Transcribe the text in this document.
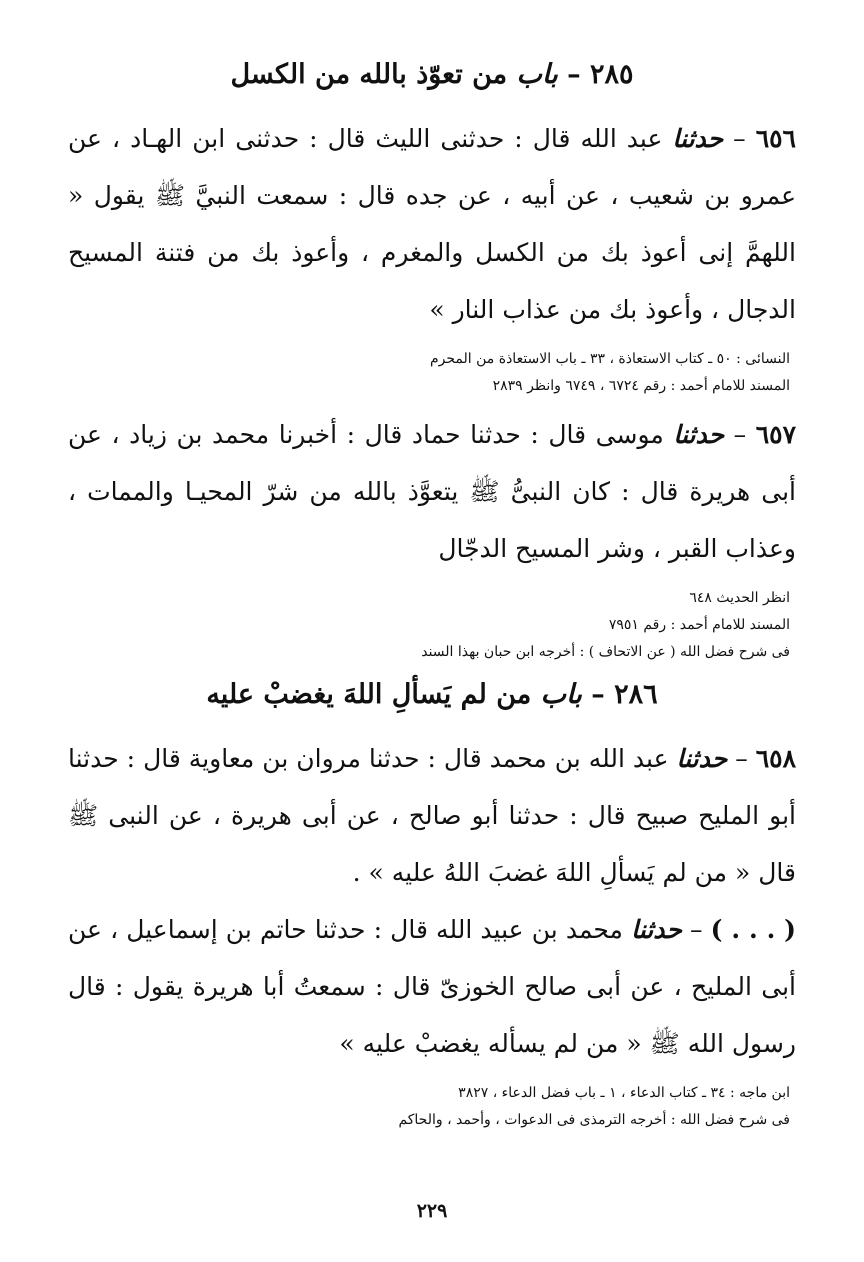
٢٨٥ – باب من تعوّذ بالله من الكسل

٦٥٦ – حدثنا عبد الله قال : حدثنى الليث قال : حدثنى ابن الهـاد ، عن عمرو بن شعيب ، عن أبيه ، عن جده قال : سمعت النبيَّ ﷺ يقول « اللهمَّ إنى أعوذ بك من الكسل والمغرم ، وأعوذ بك من فتنة المسيح الدجال ، وأعوذ بك من عذاب النار »

النسائى : ٥٠ ـ كتاب الاستعاذة ، ٣٣ ـ باب الاستعاذة من المحرم
المسند للامام أحمد : رقم ٦٧٢٤ ، ٦٧٤٩ وانظر ٢٨٣٩

٦٥٧ – حدثنا موسى قال : حدثنا حماد قال : أخبرنا محمد بن زياد ، عن أبى هريرة قال : كان النبىُّ ﷺ يتعوَّذ بالله من شرّ المحيـا والممات ، وعذاب القبر ، وشر المسيح الدجّال

انظر الحديث ٦٤٨
المسند للامام أحمد : رقم ٧٩٥١
فى شرح فضل الله ( عن الاتحاف ) : أخرجه ابن حبان بهذا السند
٢٨٦ – باب من لم يَسألِ اللهَ يغضبْ عليه

٦٥٨ – حدثنا عبد الله بن محمد قال : حدثنا مروان بن معاوية قال : حدثنا أبو المليح صبيح قال : حدثنا أبو صالح ، عن أبى هريرة ، عن النبى ﷺ قال « من لم يَسألِ اللهَ غضبَ اللهُ عليه » .

( . . . ) – حدثنا محمد بن عبيد الله قال : حدثنا حاتم بن إسماعيل ، عن أبى المليح ، عن أبى صالح الخوزىّ قال : سمعتُ أبا هريرة يقول : قال رسول الله ﷺ « من لم يسأله يغضبْ عليه »

ابن ماجه : ٣٤ ـ كتاب الدعاء ، ١ ـ باب فضل الدعاء ، ٣٨٢٧
فى شرح فضل الله : أخرجه الترمذى فى الدعوات ، وأحمد ، والحاكم
٢٢٩
